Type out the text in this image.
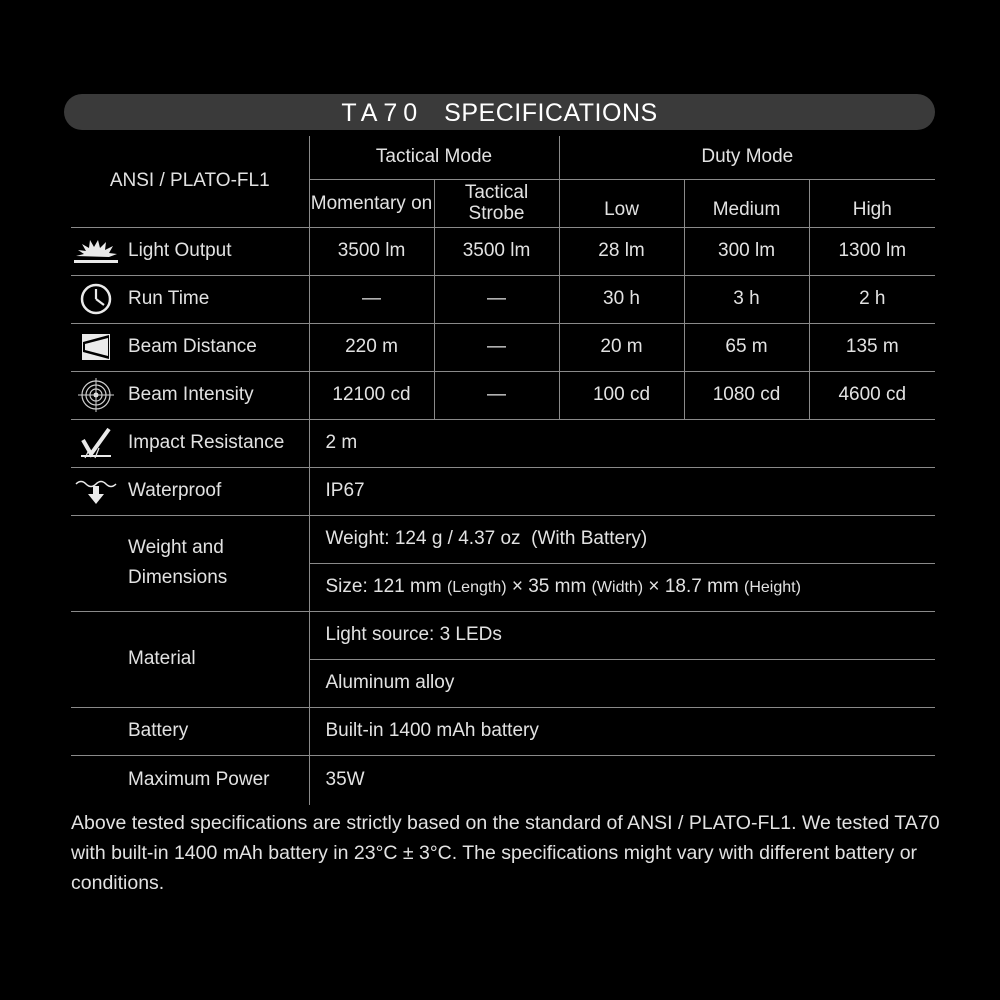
TA70 SPECIFICATIONS
ANSI / PLATO-FL1	Tactical Mode		Duty Mode		
	Momentary on	Tactical Strobe	Low	Medium	High

Light Output	3500 lm	3500 lm	28 lm	300 lm	1300 lm

Run Time	—	—	30 h	3 h	2 h

Beam Distance	220 m	—	20 m	65 m	135 m

Beam Intensity	12100 cd	—	100 cd	1080 cd	4600 cd

Impact Resistance	2 m				

Waterproof	IP67				

Weight and
Dimensions	Weight: 124 g / 4.37 oz  (With Battery)				
	Size: 121 mm (Length) × 35 mm (Width) × 18.7 mm (Height)				

Material	Light source: 3 LEDs				
	Aluminum alloy				

Battery	Built-in 1400 mAh battery				

Maximum Power	35W				
Above tested specifications are strictly based on the standard of ANSI / PLATO-FL1. We tested TA70 with built-in 1400 mAh battery in 23°C ± 3°C. The specifications might vary with different battery or conditions.
